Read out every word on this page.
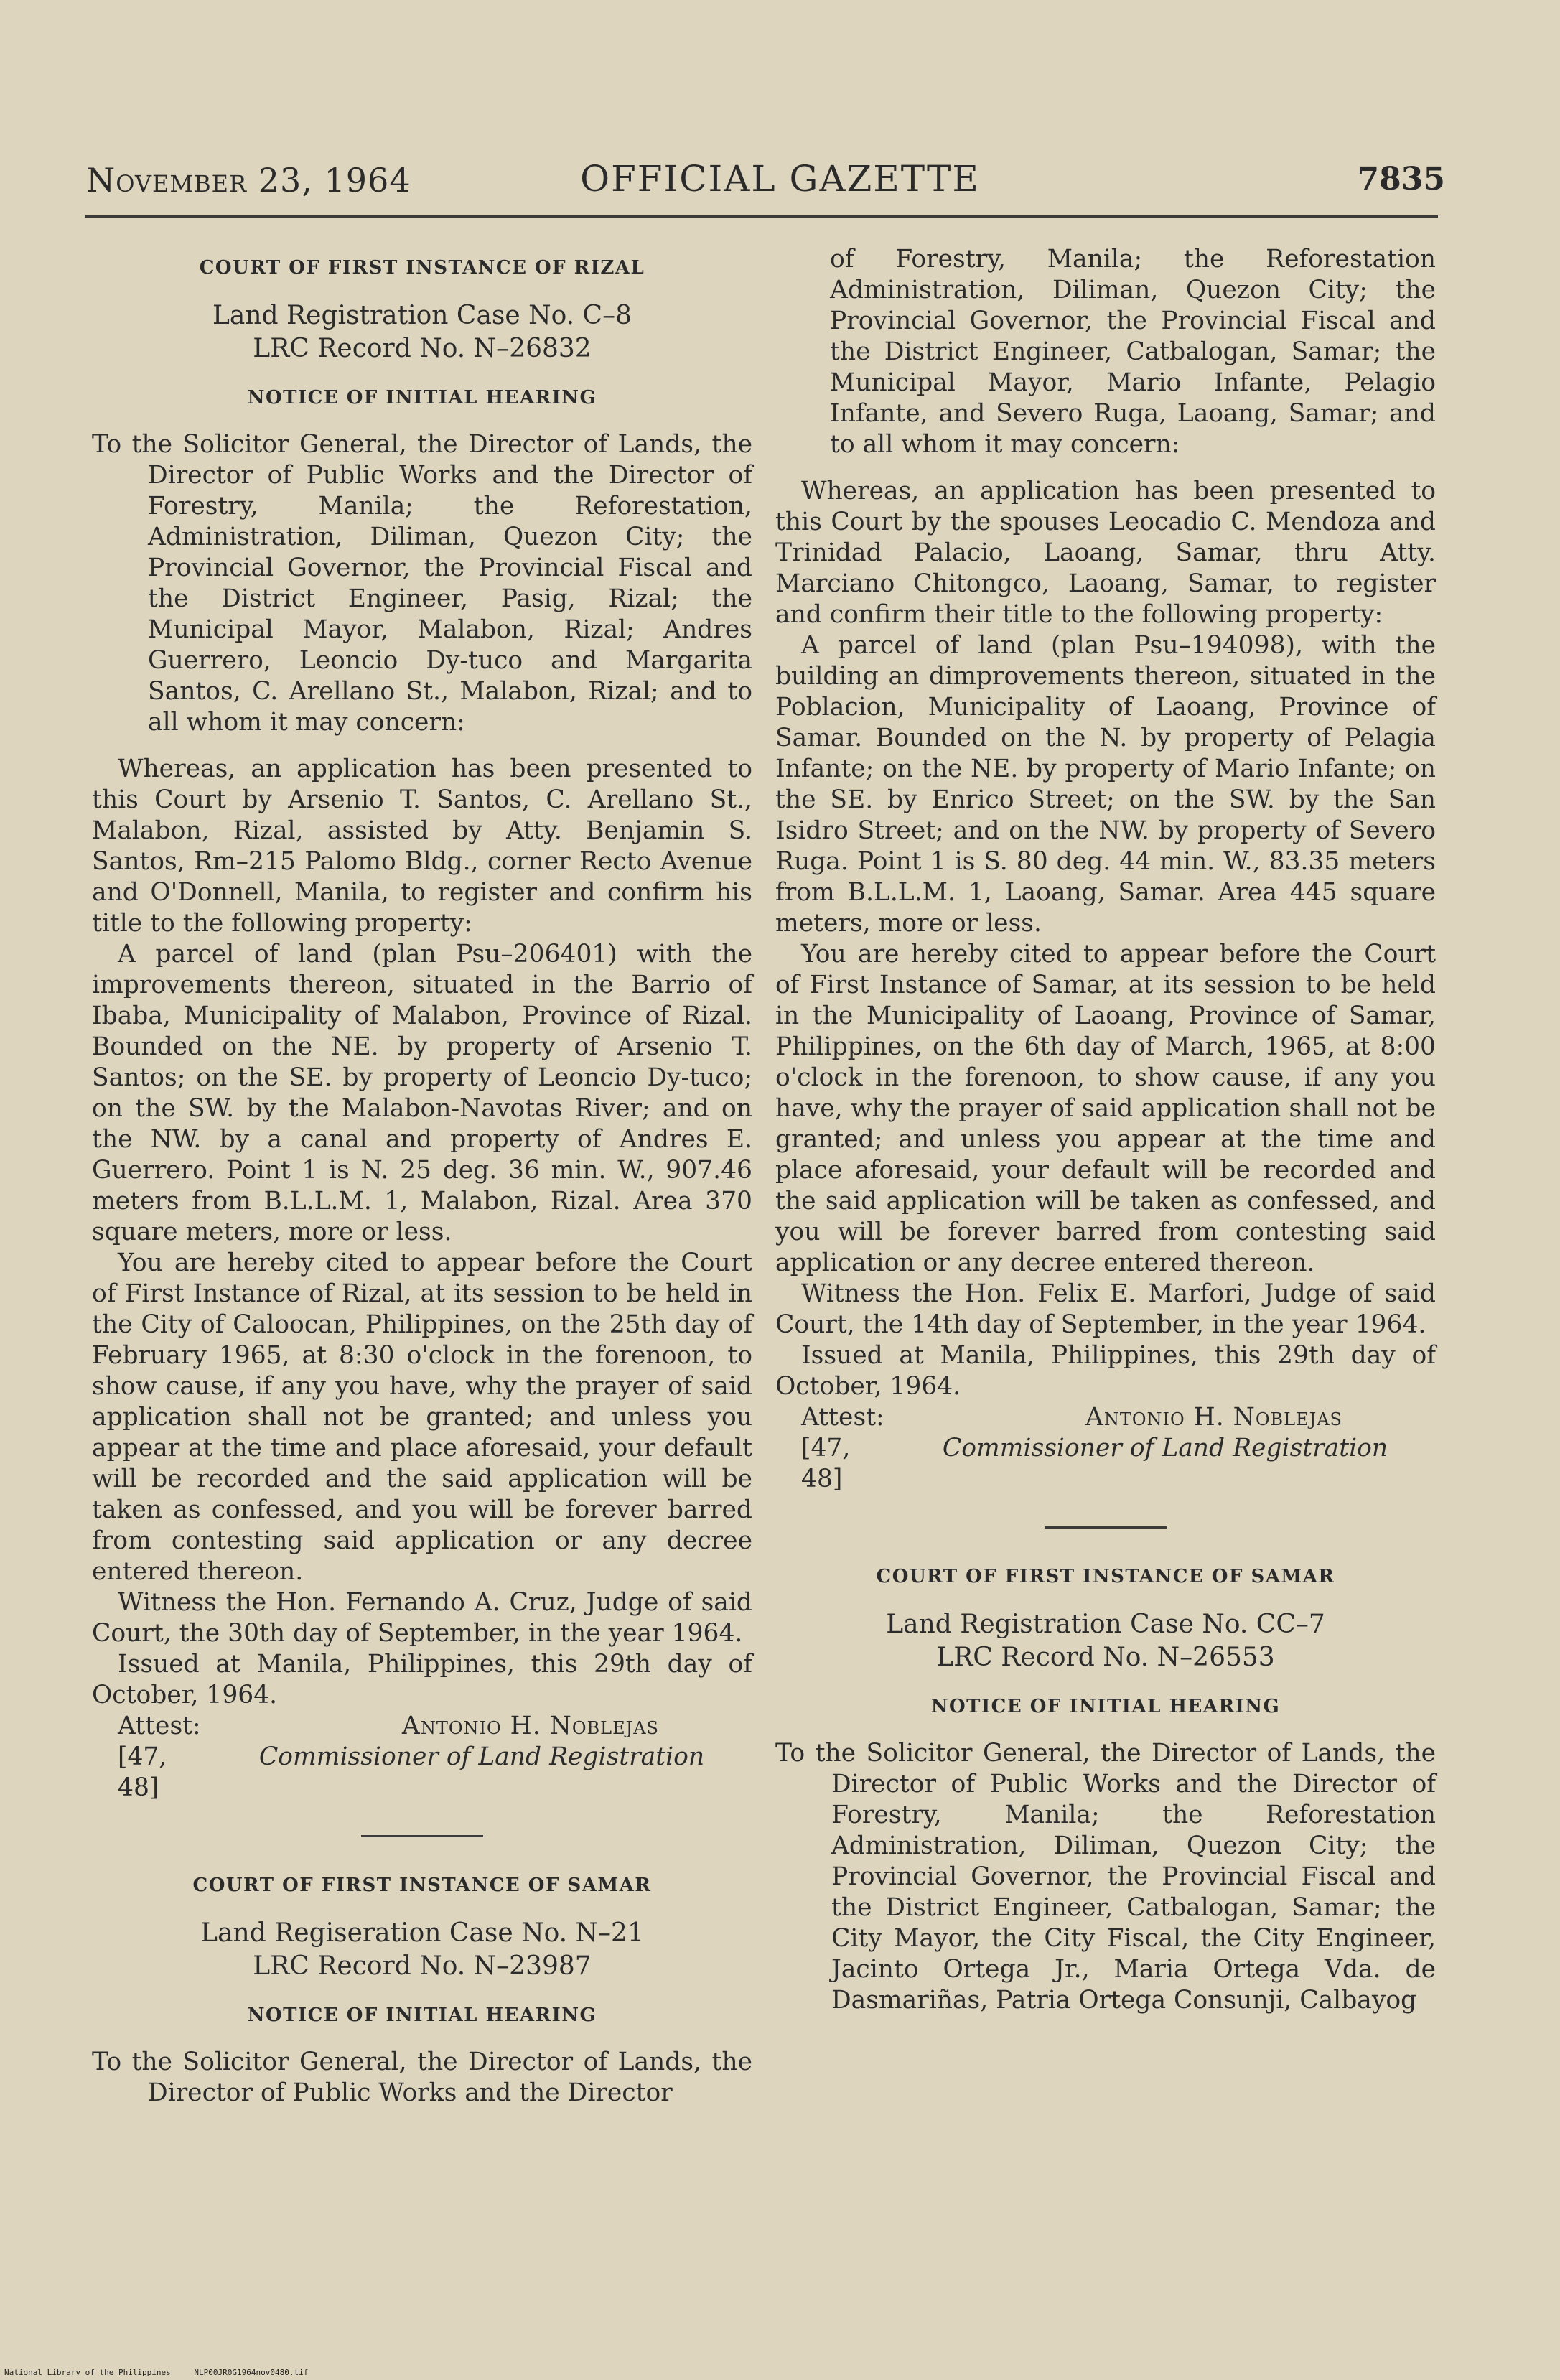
November 23, 1964	OFFICIAL GAZETTE	7835

COURT OF FIRST INSTANCE OF RIZAL

Land Registration Case No. C–8

LRC Record No. N–26832

NOTICE OF INITIAL HEARING

To the Solicitor General, the Director of Lands, the Director of Public Works and the Director of Forestry, Manila; the Reforestation, Administration, Diliman, Quezon City; the Provincial Governor, the Provincial Fiscal and the District Engineer, Pasig, Rizal; the Municipal Mayor, Malabon, Rizal; Andres Guerrero, Leoncio Dy-tuco and Margarita Santos, C. Arellano St., Malabon, Rizal; and to all whom it may concern:

Whereas, an application has been presented to this Court by Arsenio T. Santos, C. Arellano St., Malabon, Rizal, assisted by Atty. Benjamin S. Santos, Rm–215 Palomo Bldg., corner Recto Avenue and O'Donnell, Manila, to register and confirm his title to the following property:

A parcel of land (plan Psu–206401) with the improvements thereon, situated in the Barrio of Ibaba, Municipality of Malabon, Province of Rizal. Bounded on the NE. by property of Arsenio T. Santos; on the SE. by property of Leoncio Dy-tuco; on the SW. by the Malabon-Navotas River; and on the NW. by a canal and property of Andres E. Guerrero. Point 1 is N. 25 deg. 36 min. W., 907.46 meters from B.L.L.M. 1, Malabon, Rizal. Area 370 square meters, more or less.

You are hereby cited to appear before the Court of First Instance of Rizal, at its session to be held in the City of Caloocan, Philippines, on the 25th day of February 1965, at 8:30 o'clock in the forenoon, to show cause, if any you have, why the prayer of said application shall not be granted; and unless you appear at the time and place aforesaid, your default will be recorded and the said application will be taken as confessed, and you will be forever barred from contesting said application or any decree entered thereon.

Witness the Hon. Fernando A. Cruz, Judge of said Court, the 30th day of September, in the year 1964.

Issued at Manila, Philippines, this 29th day of October, 1964.

Attest:	Antonio H. Noblejas

[47, 48]
Commissioner of Land Registration

COURT OF FIRST INSTANCE OF SAMAR

Land Regiseration Case No. N–21

LRC Record No. N–23987

NOTICE OF INITIAL HEARING

To the Solicitor General, the Director of Lands, the Director of Public Works and the Director

of Forestry, Manila; the Reforestation Administration, Diliman, Quezon City; the Provincial Governor, the Provincial Fiscal and the District Engineer, Catbalogan, Samar; the Municipal Mayor, Mario Infante, Pelagio Infante, and Severo Ruga, Laoang, Samar; and to all whom it may concern:

Whereas, an application has been presented to this Court by the spouses Leocadio C. Mendoza and Trinidad Palacio, Laoang, Samar, thru Atty. Marciano Chitongco, Laoang, Samar, to register and confirm their title to the following property:

A parcel of land (plan Psu–194098), with the building an dimprovements thereon, situated in the Poblacion, Municipality of Laoang, Province of Samar. Bounded on the N. by property of Pelagia Infante; on the NE. by property of Mario Infante; on the SE. by Enrico Street; on the SW. by the San Isidro Street; and on the NW. by property of Severo Ruga. Point 1 is S. 80 deg. 44 min. W., 83.35 meters from B.L.L.M. 1, Laoang, Samar. Area 445 square meters, more or less.

You are hereby cited to appear before the Court of First Instance of Samar, at its session to be held in the Municipality of Laoang, Province of Samar, Philippines, on the 6th day of March, 1965, at 8:00 o'clock in the forenoon, to show cause, if any you have, why the prayer of said application shall not be granted; and unless you appear at the time and place aforesaid, your default will be recorded and the said application will be taken as confessed, and you will be forever barred from contesting said application or any decree entered thereon.

Witness the Hon. Felix E. Marfori, Judge of said Court, the 14th day of September, in the year 1964.

Issued at Manila, Philippines, this 29th day of October, 1964.

Attest:	Antonio H. Noblejas

[47, 48]
Commissioner of Land Registration

COURT OF FIRST INSTANCE OF SAMAR

Land Registration Case No. CC–7

LRC Record No. N–26553

NOTICE OF INITIAL HEARING

To the Solicitor General, the Director of Lands, the Director of Public Works and the Director of Forestry, Manila; the Reforestation Administration, Diliman, Quezon City; the Provincial Governor, the Provincial Fiscal and the District Engineer, Catbalogan, Samar; the City Mayor, the City Fiscal, the City Engineer, Jacinto Ortega Jr., Maria Ortega Vda. de Dasmariñas, Patria Ortega Consunji, Calbayog

National Library of the Philippines	NLP00JR0G1964nov0480.tif
